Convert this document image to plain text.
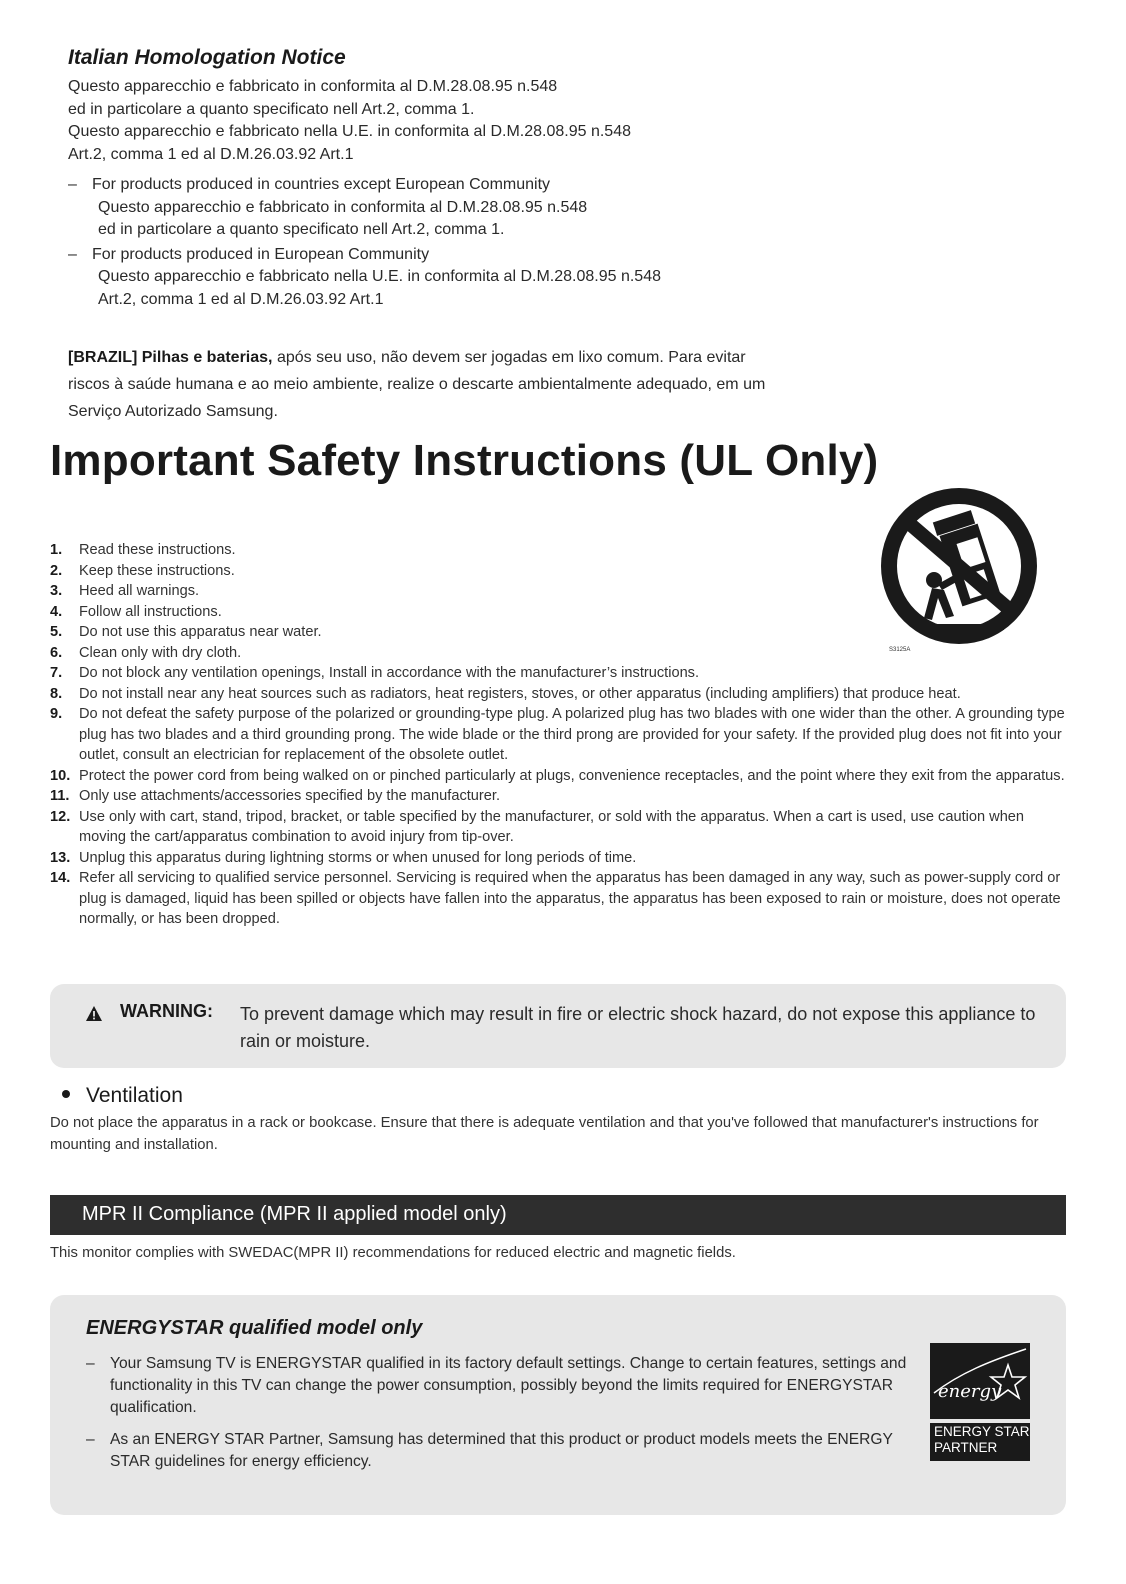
Italian Homologation Notice
Questo apparecchio e fabbricato in conformita al D.M.28.08.95 n.548
ed in particolare a quanto specificato nell Art.2, comma 1.
Questo apparecchio e fabbricato nella U.E. in conformita al D.M.28.08.95 n.548
Art.2, comma 1 ed al D.M.26.03.92 Art.1
– For products produced in countries except European Community
Questo apparecchio e fabbricato in conformita al D.M.28.08.95 n.548
ed in particolare a quanto specificato nell Art.2, comma 1.
– For products produced in European Community
Questo apparecchio e fabbricato nella U.E. in conformita al D.M.28.08.95 n.548
Art.2, comma 1 ed al D.M.26.03.92 Art.1
[BRAZIL] Pilhas e baterias, após seu uso, não devem ser jogadas em lixo comum. Para evitar riscos à saúde humana e ao meio ambiente, realize o descarte ambientalmente adequado, em um Serviço Autorizado Samsung.
Important Safety Instructions (UL Only)
S3125A
1. Read these instructions.
2. Keep these instructions.
3. Heed all warnings.
4. Follow all instructions.
5. Do not use this apparatus near water.
6. Clean only with dry cloth.
7. Do not block any ventilation openings, Install in accordance with the manufacturer’s instructions.
8. Do not install near any heat sources such as radiators, heat registers, stoves, or other apparatus (including amplifiers) that produce heat.
9. Do not defeat the safety purpose of the polarized or grounding-type plug. A polarized plug has two blades with one wider than the other. A grounding type plug has two blades and a third grounding prong. The wide blade or the third prong are provided for your safety. If the provided plug does not fit into your outlet, consult an electrician for replacement of the obsolete outlet.
10. Protect the power cord from being walked on or pinched particularly at plugs, convenience receptacles, and the point where they exit from the apparatus.
11. Only use attachments/accessories specified by the manufacturer.
12. Use only with cart, stand, tripod, bracket, or table specified by the manufacturer, or sold with the apparatus. When a cart is used, use caution when moving the cart/apparatus combination to avoid injury from tip-over.
13. Unplug this apparatus during lightning storms or when unused for long periods of time.
14. Refer all servicing to qualified service personnel. Servicing is required when the apparatus has been damaged in any way, such as power-supply cord or plug is damaged, liquid has been spilled or objects have fallen into the apparatus, the apparatus has been exposed to rain or moisture, does not operate normally, or has been dropped.
WARNING: To prevent damage which may result in fire or electric shock hazard, do not expose this appliance to rain or moisture.
Ventilation
Do not place the apparatus in a rack or bookcase. Ensure that there is adequate ventilation and that you've followed that manufacturer's instructions for mounting and installation.
MPR II Compliance (MPR II applied model only)
This monitor complies with SWEDAC(MPR II) recommendations for reduced electric and magnetic fields.
ENERGYSTAR qualified model only
– Your Samsung TV is ENERGYSTAR qualified in its factory default settings. Change to certain features, settings and functionality in this TV can change the power consumption, possibly beyond the limits required for ENERGYSTAR qualification.
– As an ENERGY STAR Partner, Samsung has determined that this product or product models meets the ENERGY STAR guidelines for energy efficiency.
energy
ENERGY STAR
PARTNER
